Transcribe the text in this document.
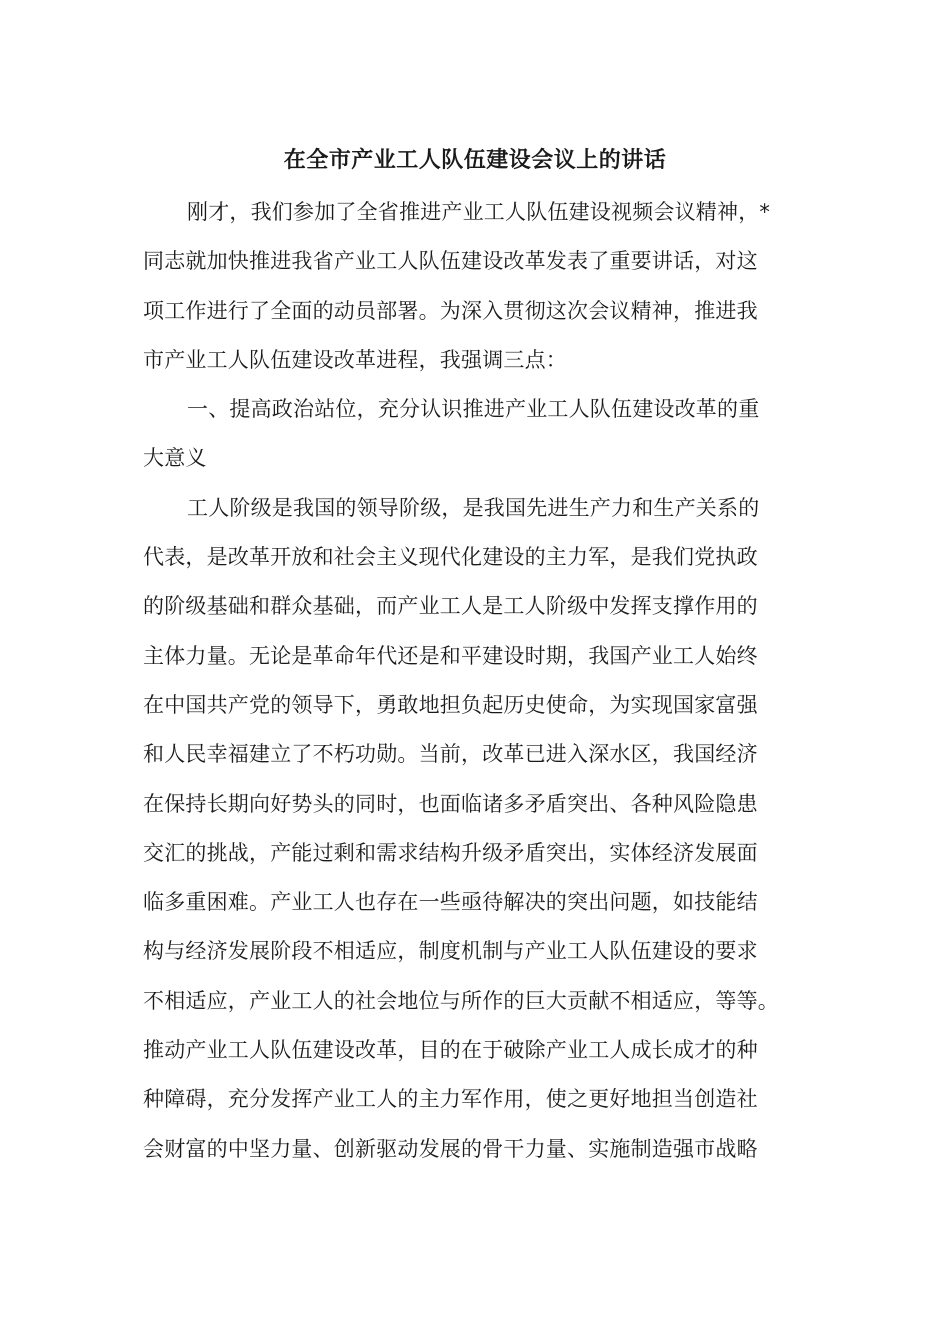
在全市产业工人队伍建设会议上的讲话
刚才，我们参加了全省推进产业工人队伍建设视频会议精神，*
同志就加快推进我省产业工人队伍建设改革发表了重要讲话，对这
项工作进行了全面的动员部署。为深入贯彻这次会议精神，推进我
市产业工人队伍建设改革进程，我强调三点：
一、提高政治站位，充分认识推进产业工人队伍建设改革的重
大意义
工人阶级是我国的领导阶级，是我国先进生产力和生产关系的
代表，是改革开放和社会主义现代化建设的主力军，是我们党执政
的阶级基础和群众基础，而产业工人是工人阶级中发挥支撑作用的
主体力量。无论是革命年代还是和平建设时期，我国产业工人始终
在中国共产党的领导下，勇敢地担负起历史使命，为实现国家富强
和人民幸福建立了不朽功勋。当前，改革已进入深水区，我国经济
在保持长期向好势头的同时，也面临诸多矛盾突出、各种风险隐患
交汇的挑战，产能过剩和需求结构升级矛盾突出，实体经济发展面
临多重困难。产业工人也存在一些亟待解决的突出问题，如技能结
构与经济发展阶段不相适应，制度机制与产业工人队伍建设的要求
不相适应，产业工人的社会地位与所作的巨大贡献不相适应，等等。
推动产业工人队伍建设改革，目的在于破除产业工人成长成才的种
种障碍，充分发挥产业工人的主力军作用，使之更好地担当创造社
会财富的中坚力量、创新驱动发展的骨干力量、实施制造强市战略
